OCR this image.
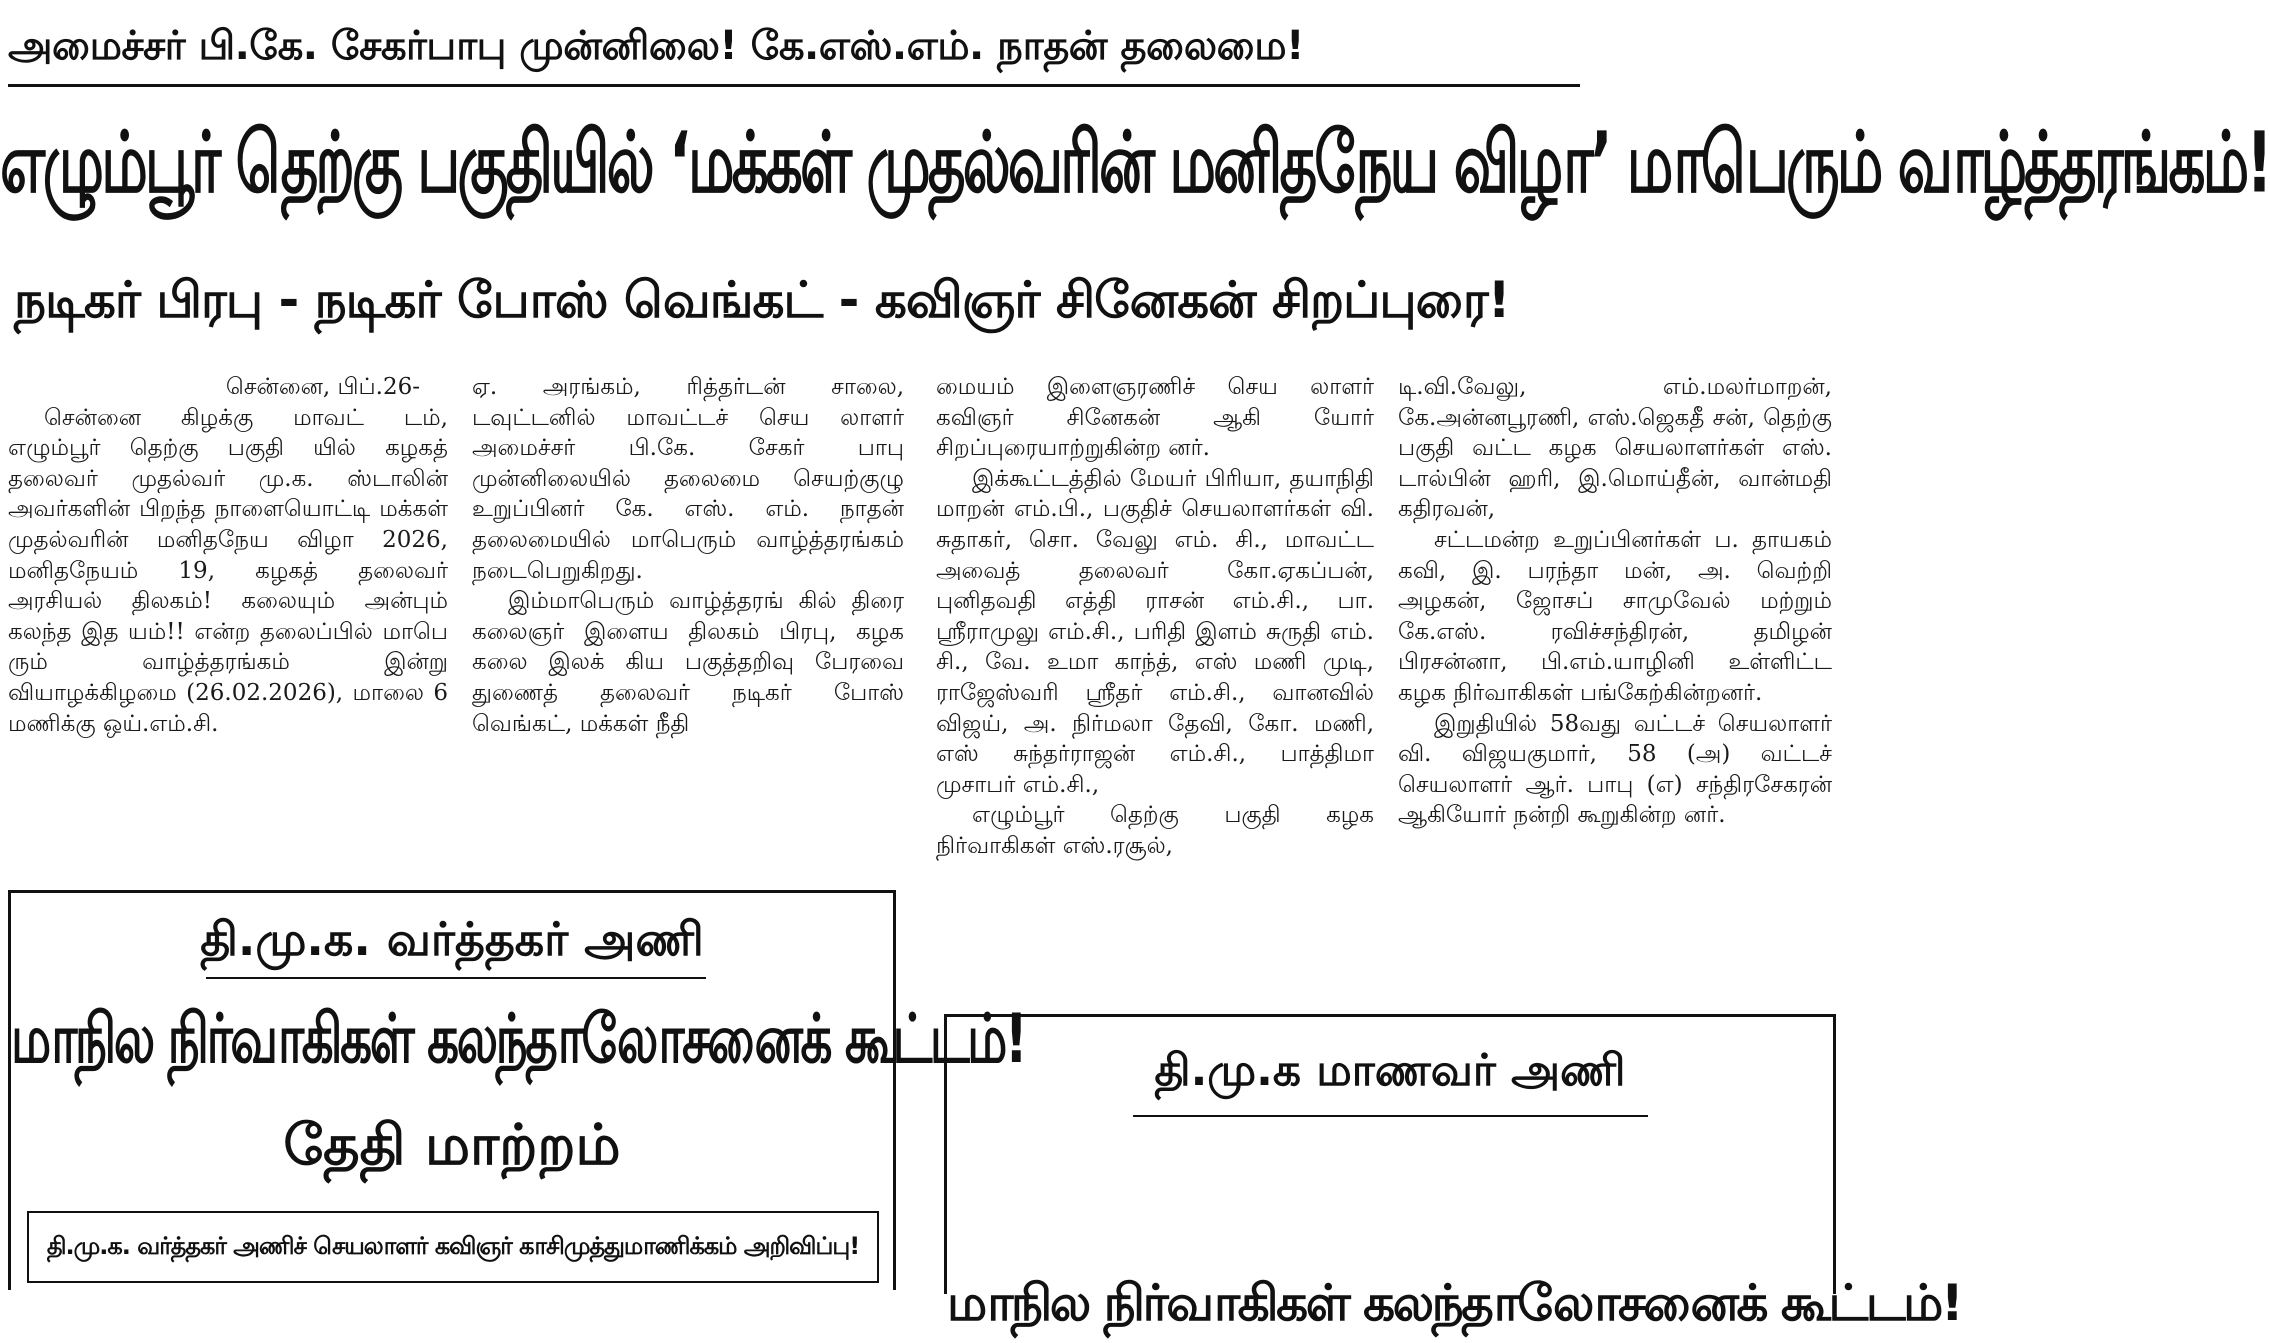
அமைச்சர் பி.கே. சேகர்பாபு முன்னிலை! கே.எஸ்.எம். நாதன் தலைமை!
எழும்பூர் தெற்கு பகுதியில் ‘மக்கள் முதல்வரின் மனிதநேய விழா’ மாபெரும் வாழ்த்தரங்கம்!
நடிகர் பிரபு - நடிகர் போஸ் வெங்கட் - கவிஞர் சினேகன் சிறப்புரை!

சென்னை, பிப்.26-

சென்னை கிழக்கு மாவட் டம், எழும்பூர் தெற்கு பகுதி யில் கழகத் தலைவர் முதல்வர் மு.க. ஸ்டாலின் அவர்களின் பிறந்த நாளையொட்டி மக்கள் முதல்வரின் மனிதநேய விழா 2026, மனிதநேயம் 19, கழகத் தலைவர் அரசியல் திலகம்! கலையும் அன்பும் கலந்த இத யம்!! என்ற தலைப்பில் மாபெ ரும் வாழ்த்தரங்கம் இன்று வியாழக்கிழமை (26.02.2026), மாலை 6 மணிக்கு ஒய்.எம்.சி.

ஏ. அரங்கம், ரித்தர்டன் சாலை, டவுட்டனில் மாவட்டச் செய லாளர் அமைச்சர் பி.கே. சேகர் பாபு முன்னிலையில் தலைமை செயற்குழு உறுப்பினர் கே. எஸ். எம். நாதன் தலைமையில் மாபெரும் வாழ்த்தரங்கம் நடைபெறுகிறது.

இம்மாபெரும் வாழ்த்தரங் கில் திரை கலைஞர் இளைய திலகம் பிரபு, கழக கலை இலக் கிய பகுத்தறிவு பேரவை துணைத் தலைவர் நடிகர் போஸ் வெங்கட், மக்கள் நீதி

மையம் இளைஞரணிச் செய லாளர் கவிஞர் சினேகன் ஆகி யோர் சிறப்புரையாற்றுகின்ற னர்.

இக்கூட்டத்தில் மேயர் பிரியா, தயாநிதி மாறன் எம்.பி., பகுதிச் செயலாளர்கள் வி. சுதாகர், சொ. வேலு எம். சி., மாவட்ட அவைத் தலைவர் கோ.ஏகப்பன், புனிதவதி எத்தி ராசன் எம்.சி., பா. ஸ்ரீராமுலு எம்.சி., பரிதி இளம் சுருதி எம். சி., வே. உமா காந்த், எஸ் மணி முடி, ராஜேஸ்வரி ஸ்ரீதர் எம்.சி., வானவில் விஜய், அ. நிர்மலா தேவி, கோ. மணி, எஸ் சுந்தர்ராஜன் எம்.சி., பாத்திமா முசாபர் எம்.சி.,

எழும்பூர் தெற்கு பகுதி கழக நிர்வாகிகள் எஸ்.ரசூல்,

டி.வி.வேலு, எம்.மலர்மாறன், கே.அன்னபூரணி, எஸ்.ஜெகதீ சன், தெற்கு பகுதி வட்ட கழக செயலாளர்கள் எஸ். டால்பின் ஹரி, இ.மொய்தீன், வான்மதி கதிரவன்,

சட்டமன்ற உறுப்பினர்கள் ப. தாயகம் கவி, இ. பரந்தா மன், அ. வெற்றி அழகன், ஜோசப் சாமுவேல் மற்றும் கே.எஸ். ரவிச்சந்திரன், தமிழன் பிரசன்னா, பி.எம்.யாழினி உள்ளிட்ட கழக நிர்வாகிகள் பங்கேற்கின்றனர்.

இறுதியில் 58வது வட்டச் செயலாளர் வி. விஜயகுமார், 58 (அ) வட்டச் செயலாளர் ஆர். பாபு (எ) சந்திரசேகரன் ஆகியோர் நன்றி கூறுகின்ற னர்.

தி.மு.க. வர்த்தகர் அணி
மாநில நிர்வாகிகள் கலந்தாலோசனைக் கூட்டம்!
தேதி மாற்றம்
தி.மு.க. வர்த்தகர் அணிச் செயலாளர் கவிஞர் காசிமுத்துமாணிக்கம் அறிவிப்பு!
தி.மு.க மாணவர் அணி
மாநில நிர்வாகிகள் கலந்தாலோசனைக் கூட்டம்!
